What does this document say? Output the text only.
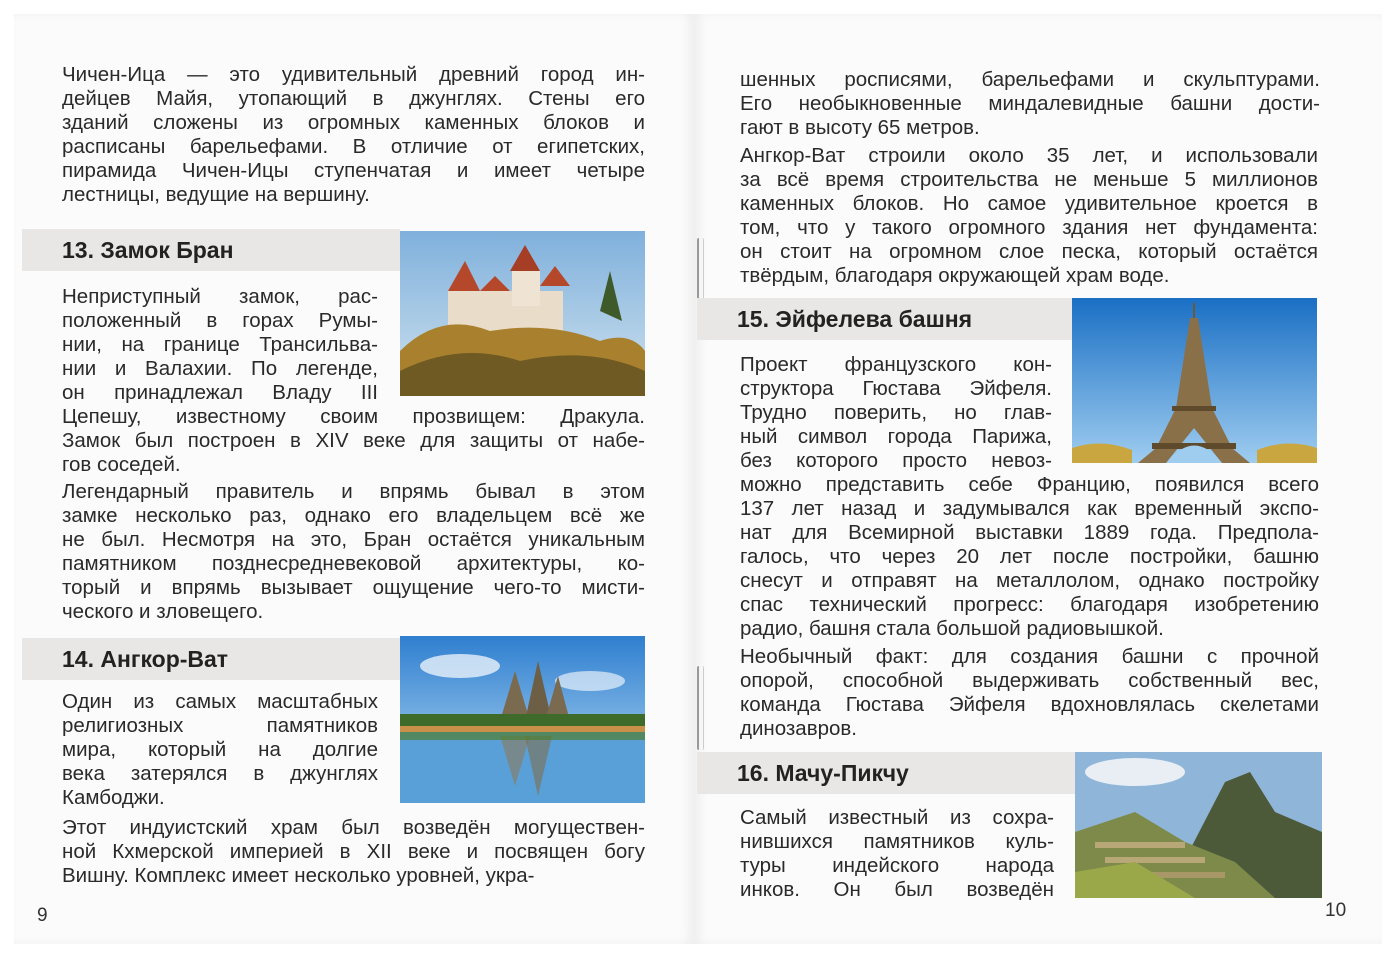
Чичен-Ица — это удивительный древний город ин-
дейцев Майя, утопающий в джунглях. Стены его
зданий сложены из огромных каменных блоков и
расписаны барельефами. В отличие от египетских,
пирамида Чичен-Ицы ступенчатая и имеет четыре
лестницы, ведущие на вершину.
13. Замок Бран
Неприступный замок, рас-
положенный в горах Румы-
нии, на границе Трансильва-
нии и Валахии. По легенде,
он принадлежал Владу III
Цепешу, известному своим прозвищем: Дракула.
Замок был построен в XIV веке для защиты от набе-
гов соседей.
Легендарный правитель и впрямь бывал в этом
замке несколько раз, однако его владельцем всё же
не был. Несмотря на это, Бран остаётся уникальным
памятником позднесредневековой архитектуры, ко-
торый и впрямь вызывает ощущение чего-то мисти-
ческого и зловещего.
14. Ангкор-Ват
Один из самых масштабных
религиозных памятников
мира, который на долгие
века затерялся в джунглях
Камбоджи.
Этот индуистский храм был возведён могуществен-
ной Кхмерской империей в XII веке и посвящен богу
Вишну. Комплекс имеет несколько уровней, укра-
9
шенных росписями, барельефами и скульптурами.
Его необыкновенные миндалевидные башни дости-
гают в высоту 65 метров.
Ангкор-Ват строили около 35 лет, и использовали
за всё время строительства не меньше 5 миллионов
каменных блоков. Но самое удивительное кроется в
том, что у такого огромного здания нет фундамента:
он стоит на огромном слое песка, который остаётся
твёрдым, благодаря окружающей храм воде.
15. Эйфелева башня
Проект французского кон-
структора Гюстава Эйфеля.
Трудно поверить, но глав-
ный символ города Парижа,
без которого просто невоз-
можно представить себе Францию, появился всего
137 лет назад и задумывался как временный экспо-
нат для Всемирной выставки 1889 года. Предпола-
галось, что через 20 лет после постройки, башню
снесут и отправят на металлолом, однако постройку
спас технический прогресс: благодаря изобретению
радио, башня стала большой радиовышкой.
Необычный факт: для создания башни с прочной
опорой, способной выдерживать собственный вес,
команда Гюстава Эйфеля вдохновлялась скелетами
динозавров.
16. Мачу-Пикчу
Самый известный из сохра-
нившихся памятников куль-
туры индейского народа
инков. Он был возведён
10
